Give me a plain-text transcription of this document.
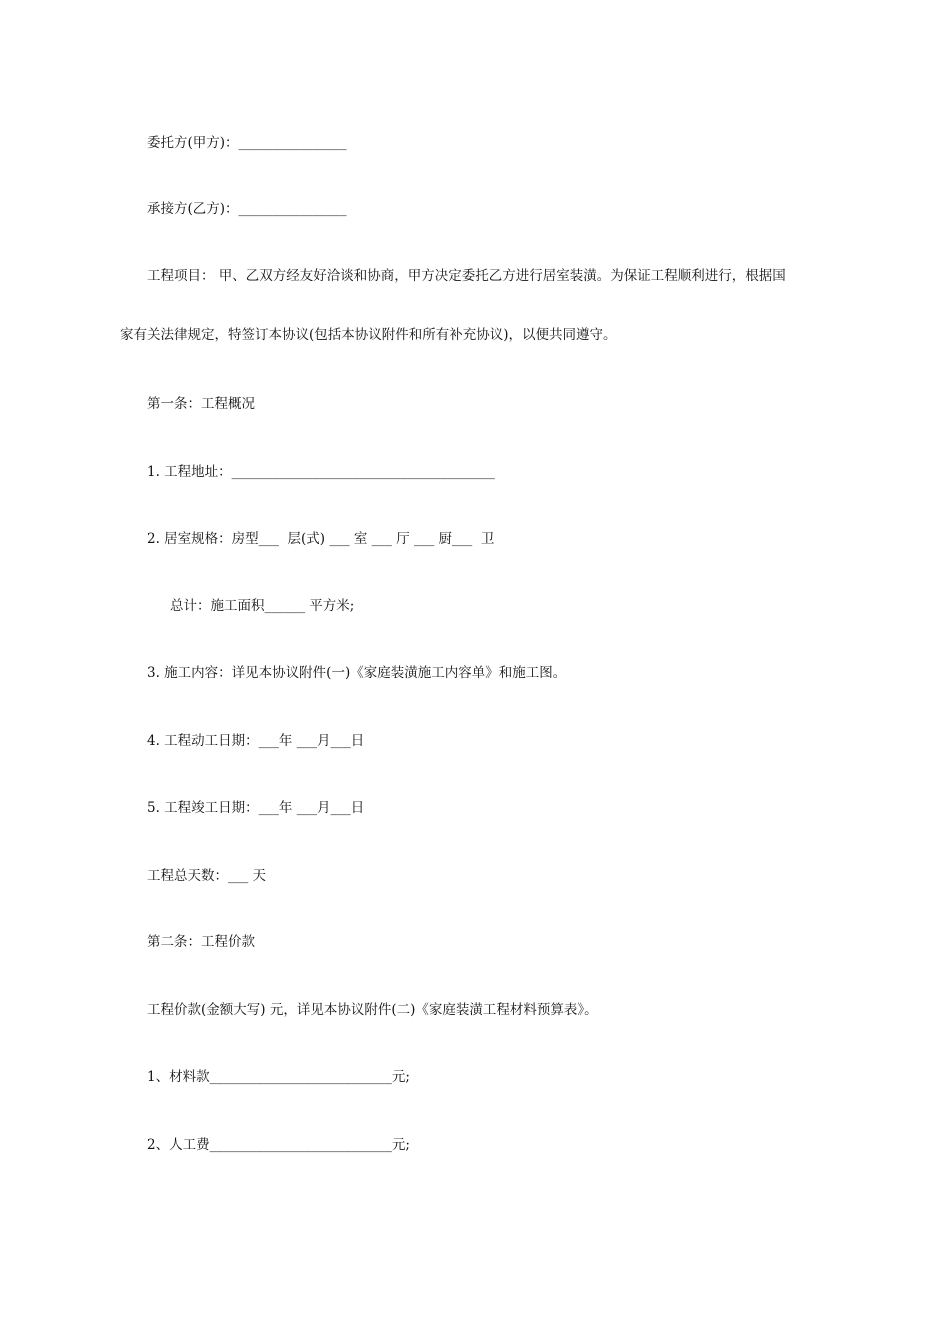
委托方(甲方)：________________
承接方(乙方)：________________
工程项目： 甲、乙双方经友好洽谈和协商，甲方决定委托乙方进行居室装潢。为保证工程顺利进行，根据国
家有关法律规定，特签订本协议(包括本协议附件和所有补充协议)，以便共同遵守。
第一条：工程概况
1. 工程地址：_______________________________________
2. 居室规格：房型___  层(式) ___ 室 ___ 厅 ___ 厨___  卫
总计：施工面积______ 平方米;
3. 施工内容：详见本协议附件(一)《家庭装潢施工内容单》和施工图。
4. 工程动工日期：___年 ___月___日
5. 工程竣工日期：___年 ___月___日
工程总天数：___ 天
第二条：工程价款
工程价款(金额大写) 元，详见本协议附件(二)《家庭装潢工程材料预算表》。
1、材料款___________________________元;
2、人工费___________________________元;
